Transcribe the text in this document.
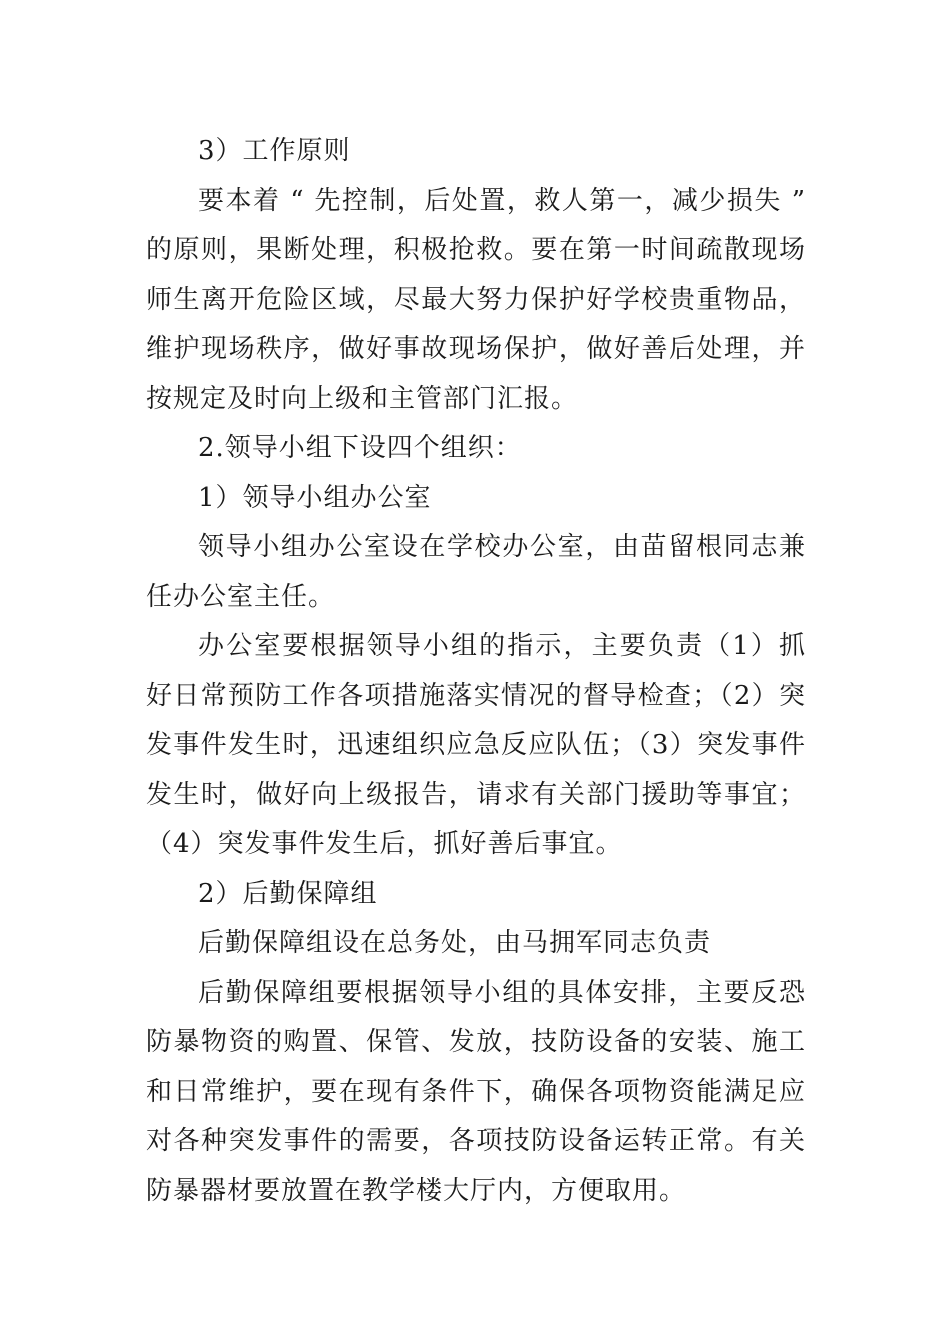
3）工作原则

要本着 “ 先控制，后处置，救人第一，减少损失 ” 的原则，果断处理，积极抢救。要在第一时间疏散现场师生离开危险区域，尽最大努力保护好学校贵重物品，维护现场秩序，做好事故现场保护，做好善后处理，并按规定及时向上级和主管部门汇报。

2.领导小组下设四个组织：

1）领导小组办公室

领导小组办公室设在学校办公室，由苗留根同志兼任办公室主任。

办公室要根据领导小组的指示，主要负责（1）抓好日常预防工作各项措施落实情况的督导检查；（2）突发事件发生时，迅速组织应急反应队伍；（3）突发事件发生时，做好向上级报告，请求有关部门援助等事宜；（4）突发事件发生后，抓好善后事宜。

2）后勤保障组

后勤保障组设在总务处，由马拥军同志负责

后勤保障组要根据领导小组的具体安排，主要反恐防暴物资的购置、保管、发放，技防设备的安装、施工和日常维护，要在现有条件下，确保各项物资能满足应对各种突发事件的需要，各项技防设备运转正常。有关防暴器材要放置在教学楼大厅内，方便取用。
